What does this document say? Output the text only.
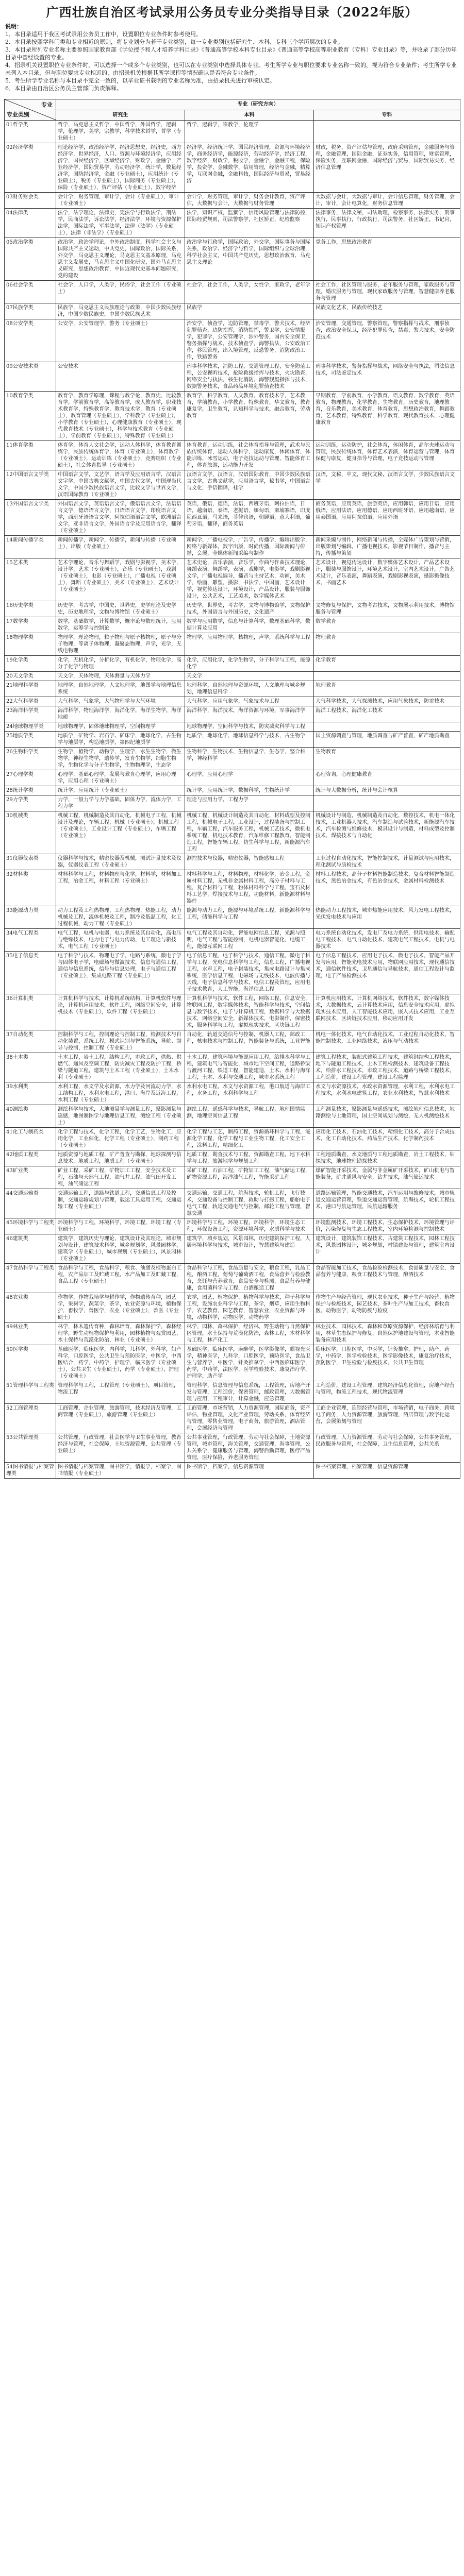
广西壮族自治区考试录用公务员专业分类指导目录（2022年版）
说明：
1．本目录适用于我区考试录用公务员工作中，设置职位专业条件时参考使用。
2．本目录按照学科门类和专业相近的原则，将专业划分为若干专业类别，每一专业类别包括研究生、本科、专科三个学历层次的专业。
3．本目录所列专业名称主要参照国家教育部《学位授予和人才培养学科目录》《普通高等学校本科专业目录》《普通高等学校高等职业教育（专科）专业目录》等，并收录了部分历年目录中曾经设置的专业。
4．招录机关设置职位专业条件时，可以选择一个或多个专业类别，也可以在专业类别中选择具体专业。考生所学专业与职位要求专业名称一致的，视为符合专业条件；考生所学专业未列入本目录，但与职位要求专业相近的，由招录机关根据其所学课程等情况确认是否符合专业条件。
5．考生所学专业名称与本目录不完全一致的，以毕业证书载明的专业名称为准，由招录机关进行审核认定。
6．本目录由自治区公务员主管部门负责解释。
专业
专业类别	专业（研究方向）		
	研究生	本科	专科
01哲学类	哲学，马克思主义哲学，中国哲学，外国哲学，逻辑学，伦理学，美学，宗教学，科学技术哲学，哲学（专业硕士）	哲学，逻辑学，宗教学，伦理学	
02经济学类	理论经济学，政治经济学，经济思想史，经济史，西方经济学，世界经济，人口、资源与环境经济学，应用经济学，国民经济学，区域经济学，财政学，金融学，产业经济学，国际贸易学，劳动经济学，统计学，数量经济学，国防经济学，金融（专业硕士），应用统计（专业硕士），税务（专业硕士），国际商务（专业硕士），保险（专业硕士），资产评估（专业硕士），数字经济	经济学，经济统计学，国民经济管理，资源与环境经济学，商务经济学，能源经济，劳动经济学，经济工程，数字经济，财政学，税收学，金融学，金融工程，保险学，投资学，金融数学，信用管理，经济与金融，精算学，互联网金融，金融科技，国际经济与贸易，贸易经济	财政，税务，资产评估与管理，政府采购管理，金融服务与管理，金融管理，国际金融，证券实务，信用管理，财富管理，保险实务，互联网金融，国际经济与贸易，国际贸易实务，经济信息管理
03财务财会类	会计学，财务管理，审计学，会计（专业硕士），审计（专业硕士）	会计学，财务管理，审计学，财务会计教育，资产评估，大数据与会计，大数据与财务管理	大数据与会计，大数据与审计，会计信息管理，财务管理，会计，审计，会计电算化，财务信息管理
04法律类	法学，法学理论，法律史，宪法学与行政法学，刑法学，民商法学，诉讼法学，经济法学，环境与资源保护法学，国际法学，军事法学，法律（法学）（专业硕士），法律（非法学）（专业硕士）	法学，知识产权，监狱学，信用风险管理与法律防控，国际经贸规则，司法警察学，社区矫正，纪检监察	法律事务，法律文秘，司法助理，检察事务，法律实务，刑事执行，民事执行，行政执行，司法警务，社区矫正，书记官，知识产权管理
05政治学类	政治学，政治学理论，中外政治制度，科学社会主义与国际共产主义运动，中共党史，国际政治，国际关系，外交学，马克思主义理论，马克思主义基本原理，马克思主义发展史，马克思主义中国化研究，国外马克思主义研究，思想政治教育，中国近现代史基本问题研究，党的建设	政治学与行政学，国际政治，外交学，国际事务与国际关系，政治学、经济学与哲学，国际组织与全球治理，科学社会主义，中国共产党历史，思想政治教育，马克思主义理论	党务工作，思想政治教育
06社会学类	社会学，人口学，人类学，民俗学，社会工作（专业硕士）	社会学，社会工作，人类学，女性学，家政学，老年学	社会工作，社区管理与服务，老年服务与管理，家政服务与管理，婚庆服务与管理，现代家政服务与管理，智慧健康养老服务与管理
07民族学类	民族学，马克思主义民族理论与政策，中国少数民族经济，中国少数民族史，中国少数民族艺术	民族学	民族文化艺术，民族传统技艺
08公安学类	公安学，公安管理学，警务（专业硕士）	治安学，侦查学，边防管理，禁毒学，警犬技术，经济犯罪侦查，边防指挥，消防指挥，警卫学，公安情报学，犯罪学，公安管理学，涉外警务，国内安全保卫，警务指挥与战术，技术侦查学，海警执法，公安政治工作，移民管理，出入境管理，反恐警务，消防政治工作，铁路警务	治安管理，交通管理，警察管理，警察指挥与战术，刑事侦查，政治安全保卫，经济犯罪侦查，禁毒，警犬技术，安全防范技术
09公安技术类	公安技术	刑事科学技术，消防工程，交通管理工程，安全防范工程，公安视听技术，抢险救援指挥与技术，火灾勘查，网络安全与执法，核生化消防，海警舰艇指挥与技术，数据警务技术，食品药品环境犯罪侦查技术	刑事科学技术，警务指挥与战术，网络安全与执法，司法信息技术，司法鉴定技术
10教育学类	教育学，教育学原理，课程与教学论，教育史，比较教育学，学前教育学，高等教育学，成人教育学，职业技术教育学，特殊教育学，教育技术学，教育（专业硕士），教育管理（专业硕士），学科教学（专业硕士），小学教育（专业硕士），心理健康教育（专业硕士），现代教育技术（专业硕士），科学与技术教育（专业硕士），学前教育（专业硕士），特殊教育（专业硕士）	教育学，科学教育，人文教育，教育技术学，艺术教育，学前教育，小学教育，特殊教育，华文教育，教育康复学，卫生教育，认知科学与技术，融合教育，劳动教育	早期教育，学前教育，小学教育，语文教育，数学教育，英语教育，物理教育，化学教育，生物教育，历史教育，地理教育，音乐教育，美术教育，体育教育，思想政治教育，舞蹈教育，艺术教育，特殊教育，科学教育，现代教育技术，心理健康教育
11体育学类	体育学，体育人文社会学，运动人体科学，体育教育训练学，民族传统体育学，体育（专业硕士），体育教学（专业硕士），运动训练（专业硕士），竞赛组织（专业硕士），社会体育指导（专业硕士）	体育教育，运动训练，社会体育指导与管理，武术与民族传统体育，运动人体科学，运动康复，休闲体育，体能训练，冰雪运动，电子竞技运动与管理，智能体育工程，体育旅游，运动能力开发	运动训练，运动防护，社会体育，休闲体育，高尔夫球运动与管理，民族传统体育，体育艺术表演，体育运营与管理，体育保健与康复，健身指导与管理，电子竞技运动与管理
12中国语言文学类	中国语言文学，文艺学，语言学及应用语言学，汉语言文字学，中国古典文献学，中国古代文学，中国现当代文学，中国少数民族语言文学，比较文学与世界文学，汉语国际教育（专业硕士）	汉语言文学，汉语言，汉语国际教育，中国少数民族语言文学，古典文献学，应用语言学，秘书学，中国语言与文化，手语翻译，桂学	汉语，文秘，中文，现代文秘，汉语言文学，少数民族语言文学
13外国语言文学类	外国语言文学，英语语言文学，俄语语言文学，法语语言文学，德语语言文学，日语语言文学，印度语言文学，西班牙语语言文学，阿拉伯语语言文学，欧洲语言文学，亚非语言文学，外国语言学及应用语言学，翻译（专业硕士）	英语，俄语，德语，法语，西班牙语，阿拉伯语，日语，越南语，泰语，老挝语，缅甸语，柬埔寨语，印度尼西亚语，马来语，菲律宾语，朝鲜语，意大利语，葡萄牙语，翻译，商务英语	商务英语，应用英语，旅游英语，应用韩语，应用日语，应用俄语，应用法语，应用德语，应用西班牙语，应用越南语，应用泰国语，应用阿拉伯语，应用外语
14新闻传播学类	新闻传播学，新闻学，传播学，新闻与传播（专业硕士），出版（专业硕士）	新闻学，广播电视学，广告学，传播学，编辑出版学，网络与新媒体，数字出版，时尚传播，国际新闻与传播，会展，全媒体新闻采编与制作	新闻采编与制作，网络新闻与传播，全媒体广告策划与营销，出版策划与编辑，广播电视技术，影视节目制作，播音与主持，传播与策划
15艺术类	艺术学理论，音乐与舞蹈学，戏剧与影视学，美术学，设计学，艺术（专业硕士），音乐（专业硕士），戏剧（专业硕士），电影（专业硕士），广播电视（专业硕士），舞蹈（专业硕士），美术（专业硕士），艺术设计（专业硕士）	艺术史论，音乐表演，音乐学，作曲与作曲技术理论，舞蹈表演，舞蹈学，表演，戏剧学，电影学，戏剧影视文学，广播电视编导，播音与主持艺术，动画，美术学，绘画，雕塑，摄影，书法学，中国画，艺术设计学，视觉传达设计，环境设计，产品设计，服装与服饰设计，公共艺术，工艺美术，数字媒体艺术	艺术设计，视觉传达设计，数字媒体艺术设计，产品艺术设计，服装与服饰设计，环境艺术设计，室内艺术设计，广告艺术设计，音乐表演，舞蹈表演，戏剧影视表演，摄影摄像技术，书画艺术
16历史学类	历史学，考古学，中国史，世界史，史学理论及史学史，历史地理学，文物与博物馆（专业硕士）	历史学，世界史，考古学，文物与博物馆学，文物保护技术，外国语言与外国历史，文化遗产	文物修复与保护，文物考古技术，文物展示利用技术，博物馆服务与管理
17数学类	数学，基础数学，计算数学，概率论与数理统计，应用数学，运筹学与控制论	数学与应用数学，信息与计算科学，数理基础科学，数据计算及应用	数学教育
18物理学类	物理学，理论物理，粒子物理与原子核物理，原子与分子物理，等离子体物理，凝聚态物理，声学，光学，无线电物理	物理学，应用物理学，核物理，声学，系统科学与工程	物理教育
19化学类	化学，无机化学，分析化学，有机化学，物理化学，高分子化学与物理	化学，应用化学，化学生物学，分子科学与工程，能源化学	化学教育
20天文学类	天文学，天体物理，天体测量与天体力学	天文学	
21地理科学类	地理学，自然地理学，人文地理学，地图学与地理信息系统	地理科学，自然地理与资源环境，人文地理与城乡规划，地理信息科学	地理教育
22大气科学类	大气科学，气象学，大气物理学与大气环境	大气科学，应用气象学，气象技术与工程	大气科学技术，大气探测技术，应用气象技术，防雷技术
23海洋科学类	海洋科学，物理海洋学，海洋化学，海洋生物学，海洋地质	海洋科学，海洋技术，海洋资源与环境，军事海洋学	海洋工程技术，海洋化工技术
24地球物理学类	地球物理学，固体地球物理学，空间物理学	地球物理学，空间科学与技术，防灾减灾科学与工程	
25地质学类	地质学，矿物学、岩石学、矿床学，地球化学，古生物学与地层学，构造地质学，第四纪地质学	地质学，地球化学，地球信息科学与技术，古生物学	国土资源调查与管理，地质调查与矿产普查，矿产地质勘查
26生物科学类	生物学，植物学，动物学，生理学，水生生物学，微生物学，神经生物学，遗传学，发育生物学，细胞生物学，生物化学与分子生物学，生物物理学，生态学	生物科学，生物技术，生物信息学，生态学，整合科学，神经科学	生物教育
27心理学类	心理学，基础心理学，发展与教育心理学，应用心理学，应用心理（专业硕士）	心理学，应用心理学	心理咨询，心理健康教育
28统计学类	统计学，应用统计（专业硕士）	统计学，应用统计学，数据科学，生物统计学	统计与大数据分析，统计与会计核算
29力学类	力学，一般力学与力学基础，固体力学，流体力学，工程力学	理论与应用力学，工程力学	
30机械类	机械工程，机械制造及其自动化，机械电子工程，机械设计及理论，车辆工程，机械（专业硕士），机械工程（专业硕士），工业设计工程（专业硕士），车辆工程（专业硕士）	机械工程，机械设计制造及其自动化，材料成型及控制工程，机械电子工程，工业设计，过程装备与控制工程，车辆工程，汽车服务工程，机械工艺技术，微机电系统工程，机电技术教育，汽车维修工程教育，智能制造工程，智能车辆工程，仿生科学与工程，新能源汽车工程	机械设计与制造，机械制造及自动化，数控技术，机电一体化技术，工业机器人技术，汽车制造与试验技术，新能源汽车技术，汽车检测与维修技术，模具设计与制造，材料成型及控制技术，焊接技术与自动化
31仪器仪表类	仪器科学与技术，精密仪器及机械，测试计量技术及仪器，仪器仪表工程（专业硕士）	测控技术与仪器，精密仪器，智能感知工程	工业过程自动化技术，智能控制技术，计量测试与应用技术，理化测试与质检技术
32材料类	材料科学与工程，材料物理与化学，材料学，材料加工工程，冶金工程，材料工程（专业硕士）	材料科学与工程，材料物理，材料化学，冶金工程，金属材料工程，无机非金属材料工程，高分子材料与工程，复合材料与工程，粉体材料科学与工程，宝石及材料工艺学，焊接技术与工程，功能材料，新能源材料与器件	材料工程技术，高分子材料智能制造技术，复合材料智能制造技术，黑色冶金技术，有色冶金技术，金属材料检测技术
33能源动力类	动力工程及工程热物理，工程热物理，热能工程，动力机械及工程，流体机械及工程，制冷及低温工程，化工过程机械，动力工程（专业硕士）	能源与动力工程，能源与环境系统工程，新能源科学与工程，储能科学与工程	热能动力工程技术，城市热能应用技术，风力发电工程技术，光伏发电技术与应用
34电气工程类	电气工程，电机与电器，电力系统及其自动化，高电压与绝缘技术，电力电子与电力传动，电工理论与新技术，电气工程（专业硕士）	电气工程及其自动化，智能电网信息工程，光源与照明，电气工程与智能控制，电机电器智能化，电缆工程，能源互联网工程	电力系统自动化技术，发电厂及电力系统，供用电技术，输配电工程技术，电气自动化技术，建筑电气工程技术，电机与电器技术
35电子信息类	电子科学与技术，物理电子学，电路与系统，微电子学与固体电子学，电磁场与微波技术，信息与通信工程，通信与信息系统，信号与信息处理，电子与通信工程（专业硕士），集成电路工程（专业硕士）	电子信息工程，电子科学与技术，通信工程，微电子科学与工程，光电信息科学与工程，信息工程，广播电视工程，水声工程，电子封装技术，集成电路设计与集成系统，医学信息工程，电磁场与无线技术，电波传播与天线，电子信息科学与技术，电信工程及管理，应用电子技术教育，人工智能，海洋信息工程	电子信息工程技术，应用电子技术，微电子技术，智能产品开发与应用，智能光电技术应用，物联网应用技术，现代通信技术，通信软件技术，卫星通信与导航技术，通信工程设计与监理，电子产品检测技术
36计算机类	计算机科学与技术，计算机系统结构，计算机软件与理论，计算机应用技术，软件工程，网络空间安全，计算机技术（专业硕士），软件工程（专业硕士）	计算机科学与技术，软件工程，网络工程，信息安全，物联网工程，数字媒体技术，智能科学与技术，空间信息与数字技术，电子与计算机工程，数据科学与大数据技术，网络空间安全，新媒体技术，电影制作，保密技术，服务科学与工程，虚拟现实技术，区块链工程	计算机应用技术，计算机网络技术，软件技术，数字媒体技术，大数据技术，云计算技术应用，信息安全技术应用，虚拟现实技术应用，人工智能技术应用，嵌入式技术应用，工业互联网技术，区块链技术应用，移动应用开发
37自动化类	控制科学与工程，控制理论与控制工程，检测技术与自动化装置，系统工程，模式识别与智能系统，导航、制导与控制，控制工程（专业硕士）	自动化，轨道交通信号与控制，机器人工程，邮政工程，核电技术与控制工程，智能装备与系统，工业智能	机电一体化技术，电气自动化技术，工业过程自动化技术，智能控制技术，工业网络技术，液压与气动技术
38土木类	土木工程，岩土工程，结构工程，市政工程，供热、供燃气、通风及空调工程，防灾减灾工程及防护工程，桥梁与隧道工程，建筑与土木工程（专业硕士），土木水利（专业硕士）	土木工程，建筑环境与能源应用工程，给排水科学与工程，建筑电气与智能化，城市地下空间工程，道路桥梁与渡河工程，铁道工程，智能建造，土木、水利与海洋工程，土木、水利与交通工程，城市水系统工程	建筑工程技术，装配式建筑工程技术，建筑钢结构工程技术，地下与隧道工程技术，土木工程检测技术，建筑设备工程技术，给排水工程技术，市政工程技术，道路与桥梁工程技术，工程造价，建设工程管理，建设工程监理
39水利类	水利工程，水文学及水资源，水力学及河流动力学，水工结构工程，水利水电工程，港口、海岸及近海工程，水利工程（专业硕士）	水利水电工程，水文与水资源工程，港口航道与海岸工程，水务工程，水利科学与工程	水文与水资源技术，水政水资源管理，水利工程，水利水电工程技术，水利水电建筑工程，农业水利技术，智慧水利技术
40测绘类	测绘科学与技术，大地测量学与测量工程，摄影测量与遥感，地图制图学与地理信息工程，测绘工程（专业硕士）	测绘工程，遥感科学与技术，导航工程，地理国情监测，地理空间信息工程	工程测量技术，摄影测量与遥感技术，测绘地理信息技术，地籍测绘与土地管理，国土空间规划与测绘，无人机测绘技术
41化工与制药类	化学工程与技术，化学工程，化学工艺，生物化工，应用化学，工业催化，化学工程（专业硕士），制药工程（专业硕士）	化学工程与工艺，制药工程，资源循环科学与工程，能源化学工程，化学工程与工业生物工程，化工安全工程，涂料工程，精细化工	应用化工技术，石油化工技术，精细化工技术，高分子合成技术，化工自动化技术，药品生产技术，化学制药技术
42地质工程类	地质资源与地质工程，矿产普查与勘探，地球探测与信息技术，地质工程，地质工程（专业硕士）	地质工程，勘查技术与工程，资源勘查工程，地下水科学与工程，旅游地学与规划工程	工程地质勘查，水文地质与工程地质勘查，岩土工程技术，钻探技术，地球物理勘探技术
43矿业类	矿业工程，采矿工程，矿物加工工程，安全技术及工程，石油与天然气工程，油气井工程，油气田开发工程，油气储运工程	采矿工程，石油工程，矿物加工工程，油气储运工程，矿物资源工程，海洋油气工程，智能采矿工程	煤矿智能开采技术，金属与非金属矿开采技术，矿山机电与智能装备，矿井通风与安全，钻井技术，油气储运技术
44交通运输类	交通运输工程，道路与铁道工程，交通信息工程及控制，交通运输规划与管理，载运工具运用工程，交通运输工程（专业硕士）	交通运输，交通工程，航海技术，轮机工程，飞行技术，交通设备与控制工程，救助与打捞工程，船舶电子电气工程，轨道交通电气与控制，邮轮工程与管理，智慧交通	道路运输管理，智能交通技术，汽车运用与维修技术，城市轨道交通运营管理，铁道交通运营管理，航海技术，轮机工程技术，港口与航运管理，民航运输服务
45环境科学与工程类	环境科学与工程，环境科学，环境工程，环境工程（专业硕士）	环境科学与工程，环境工程，环境科学，环境生态工程，环保设备工程，资源环境科学，水质科学与技术	环境监测技术，环境工程技术，生态保护技术，环境管理与评价，污染修复与生态工程技术，室内环境检测与控制技术
46建筑类	建筑学，建筑历史与理论，建筑设计及其理论，城市规划与设计，建筑技术科学，城乡规划学，风景园林学，建筑学（专业硕士），城市规划（专业硕士），风景园林（专业硕士）	建筑学，城乡规划，风景园林，历史建筑保护工程，人居环境科学与技术，城市设计，智慧建筑与建造	建筑设计，建筑装饰工程技术，古建筑工程技术，园林工程技术，风景园林设计，城乡规划，村镇建设与管理，建筑室内设计
47食品科学与工程类	食品科学与工程，食品科学，粮食、油脂及植物蛋白工程，农产品加工及贮藏工程，水产品加工及贮藏工程，食品工程（专业硕士）	食品科学与工程，食品质量与安全，粮食工程，乳品工程，酿酒工程，葡萄与葡萄酒工程，食品营养与检验教育，烹饪与营养教育，食品安全与检测，食品营养与健康，食用菌科学与工程，白酒酿造工程	食品智能加工技术，食品检验检测技术，食品质量与安全，食品营养与健康，粮食工程技术与管理，酿酒技术
48农业类	作物学，作物栽培学与耕作学，作物遗传育种，园艺学，果树学，蔬菜学，茶学，农业资源与环境，植物保护，畜牧学，兽医学，农业（专业硕士），兽医（专业硕士）	农学，园艺，植物保护，植物科学与技术，种子科学与工程，设施农业科学与工程，茶学，烟草，应用生物科学，农艺教育，园艺教育，智慧农业，农业资源与环境，动物科学，动物医学，动物药学	作物生产与经营管理，现代农业技术，种子生产与经营，植物保护与检疫技术，园艺技术，茶叶生产与加工技术，畜牧兽医，动物医学，动物防疫与检疫
49林业类	林学，林木遗传育种，森林培育，森林保护学，森林经理学，野生动植物保护与利用，园林植物与观赏园艺，水土保持与荒漠化防治，林业（专业硕士）	林学，园林，森林保护，经济林，野生动物与自然保护区管理，水土保持与荒漠化防治，森林工程，木材科学与工程，林产化工	林业技术，园林技术，森林和草原资源保护，经济林培育与利用，林草生态保护与修复，自然保护地建设与管理，木业智能装备应用技术
50医学类	基础医学，临床医学，内科学，儿科学，外科学，妇产科学，口腔医学，公共卫生与预防医学，中医学，中西医结合，药学，中药学，护理学，临床医学（专业硕士），公共卫生（专业硕士），药学（专业硕士），护理（专业硕士）	基础医学，临床医学，麻醉学，医学影像学，眼视光医学，精神医学，儿科学，口腔医学，预防医学，食品卫生与营养学，中医学，针灸推拿学，中西医临床医学，药学，中药学，法医学，医学检验技术，康复治疗学，护理学，助产学	临床医学，口腔医学，中医学，针灸推拿，护理，助产，药学，中药学，医学检验技术，医学影像技术，康复治疗技术，预防医学，卫生检验与检疫技术，公共卫生管理
51管理科学与工程类	管理科学与工程，工程管理（专业硕士），项目管理，物流工程	管理科学，信息管理与信息系统，工程管理，房地产开发与管理，工程造价，保密管理，邮政管理，大数据管理与应用，工程审计，计算金融，应急管理	工程造价，建设工程管理，建筑经济信息化管理，房地产经营与管理，物流工程技术，现代物流管理
52工商管理类	工商管理，企业管理，旅游管理，技术经济及管理，工商管理（专业硕士），旅游管理（专业硕士）	工商管理，市场营销，人力资源管理，国际商务，资产评估，物业管理，文化产业管理，劳动关系，体育经济与管理，零售业管理，电子商务，旅游管理，酒店管理，会展经济与管理	工商企业管理，连锁经营与管理，市场营销，电子商务，跨境电子商务，人力资源管理，旅游管理，酒店管理与数字化运营，会展策划与管理
53公共管理类	公共管理，行政管理，社会医学与卫生事业管理，教育经济与管理，社会保障，土地资源管理，公共管理（专业硕士）	公共事业管理，行政管理，劳动与社会保障，土地资源管理，城市管理，海关管理，交通管理，海事管理，公共关系学，健康服务与管理，海警后勤管理，医疗产品管理，医疗保险，养老服务管理	行政管理，人力资源管理，劳动与社会保障，公共事务管理，民政服务与管理，社会保障，卫生信息管理，公共关系
54图书情报与档案管理类	图书情报与档案管理，图书馆学，情报学，档案学，图书情报（专业硕士）	图书馆学，档案学，信息资源管理	图书档案管理，档案管理，信息资源管理
